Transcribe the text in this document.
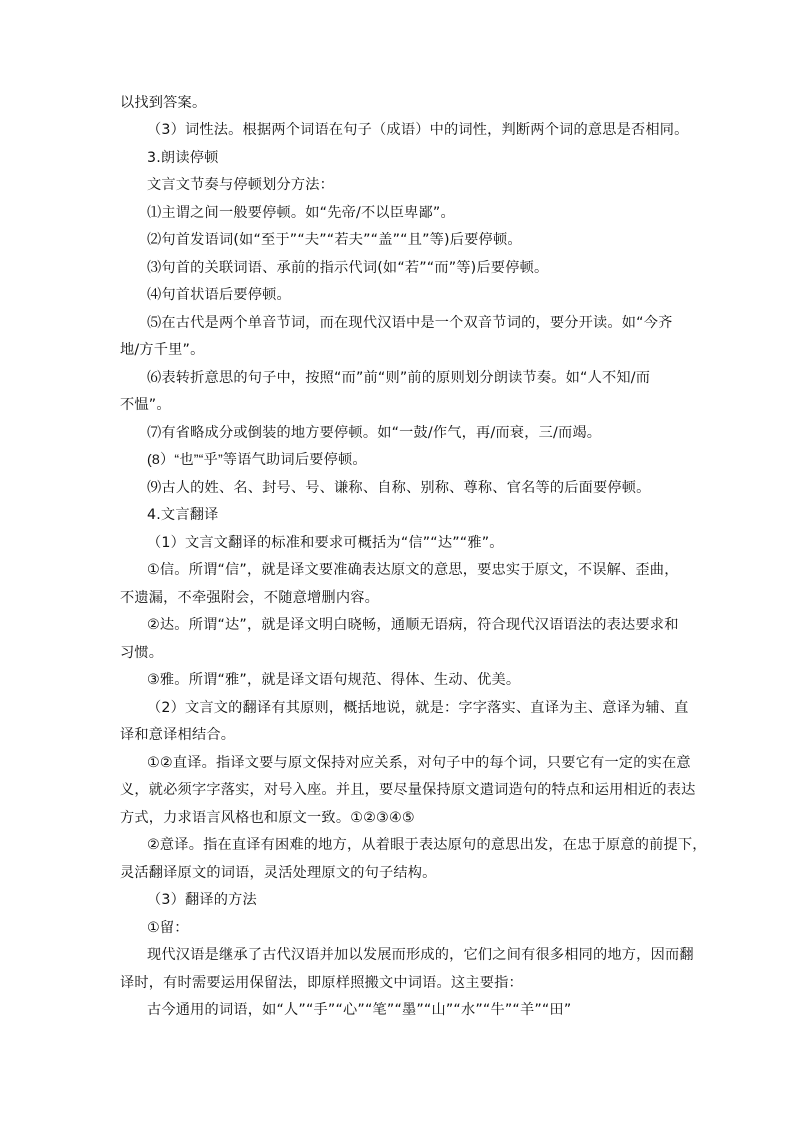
以找到答案。
（3）词性法。根据两个词语在句子（成语）中的词性，判断两个词的意思是否相同。
3.朗读停顿
文言文节奏与停顿划分方法：
⑴主谓之间一般要停顿。如“先帝/不以臣卑鄙”。
⑵句首发语词(如“至于”“夫”“若夫”“盖”“且”等)后要停顿。
⑶句首的关联词语、承前的指示代词(如“若”“而”等)后要停顿。
⑷句首状语后要停顿。
⑸在古代是两个单音节词，而在现代汉语中是一个双音节词的，要分开读。如“今齐
地/方千里”。
⑹表转折意思的句子中，按照“而”前“则”前的原则划分朗读节奏。如“人不知/而
不愠”。
⑺有省略成分或倒装的地方要停顿。如“一鼓/作气，再/而衰，三/而竭。
(8）“也”“乎”等语气助词后要停顿。
⑼古人的姓、名、封号、号、谦称、自称、别称、尊称、官名等的后面要停顿。
4.文言翻译
（1）文言文翻译的标准和要求可概括为“信”“达”“雅”。
①信。所谓“信”，就是译文要准确表达原文的意思，要忠实于原文，不误解、歪曲，
不遗漏，不牵强附会，不随意增删内容。
②达。所谓“达”，就是译文明白晓畅，通顺无语病，符合现代汉语语法的表达要求和
习惯。
③雅。所谓“雅”，就是译文语句规范、得体、生动、优美。
（2）文言文的翻译有其原则，概括地说，就是：字字落实、直译为主、意译为辅、直
译和意译相结合。
①②直译。指译文要与原文保持对应关系，对句子中的每个词，只要它有一定的实在意
义，就必须字字落实，对号入座。并且，要尽量保持原文遣词造句的特点和运用相近的表达
方式，力求语言风格也和原文一致。①②③④⑤
②意译。指在直译有困难的地方，从着眼于表达原句的意思出发，在忠于原意的前提下，
灵活翻译原文的词语，灵活处理原文的句子结构。
（3）翻译的方法
①留：
现代汉语是继承了古代汉语并加以发展而形成的，它们之间有很多相同的地方，因而翻
译时，有时需要运用保留法，即原样照搬文中词语。这主要指：
古今通用的词语，如“人”“手”“心”“笔”“墨”“山”“水”“牛”“羊”“田”
